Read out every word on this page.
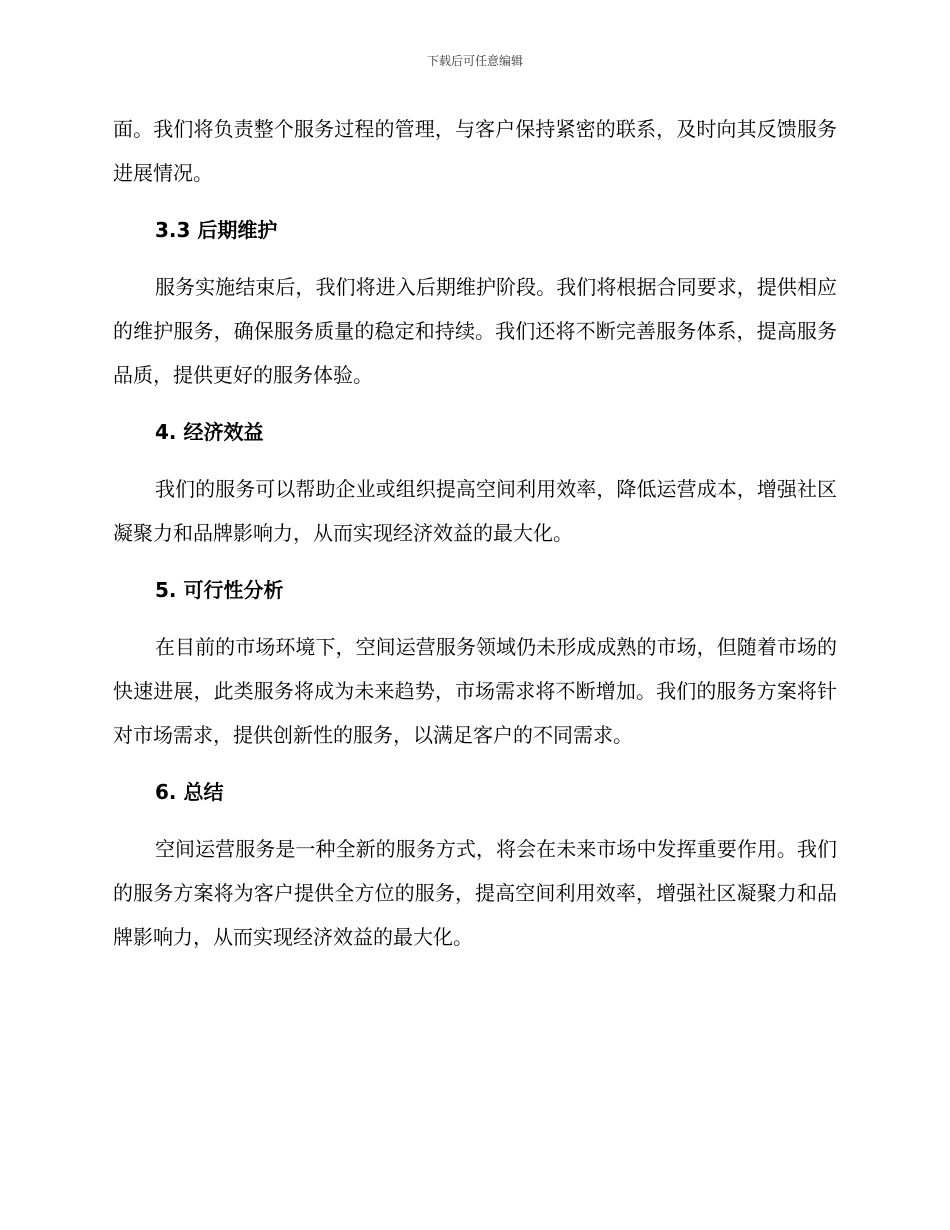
下载后可任意编辑

面。我们将负责整个服务过程的管理，与客户保持紧密的联系，及时向其反馈服务进展情况。

3.3 后期维护

服务实施结束后，我们将进入后期维护阶段。我们将根据合同要求，提供相应的维护服务，确保服务质量的稳定和持续。我们还将不断完善服务体系，提高服务品质，提供更好的服务体验。

4. 经济效益

我们的服务可以帮助企业或组织提高空间利用效率，降低运营成本，增强社区凝聚力和品牌影响力，从而实现经济效益的最大化。

5. 可行性分析

在目前的市场环境下，空间运营服务领域仍未形成成熟的市场，但随着市场的快速进展，此类服务将成为未来趋势，市场需求将不断增加。我们的服务方案将针对市场需求，提供创新性的服务，以满足客户的不同需求。

6. 总结

空间运营服务是一种全新的服务方式，将会在未来市场中发挥重要作用。我们的服务方案将为客户提供全方位的服务，提高空间利用效率，增强社区凝聚力和品牌影响力，从而实现经济效益的最大化。
